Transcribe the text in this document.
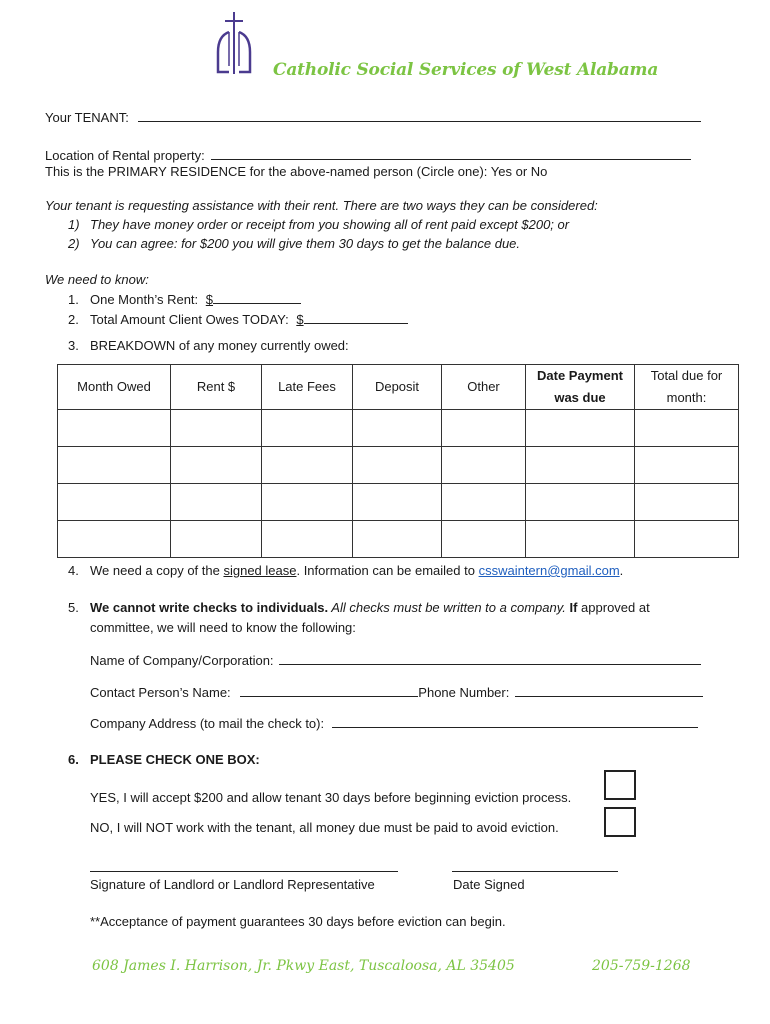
Catholic Social Services of West Alabama
Your TENANT:
Location of Rental property:
This is the PRIMARY RESIDENCE for the above-named person (Circle one): Yes or No
Your tenant is requesting assistance with their rent. There are two ways they can be considered:
1) They have money order or receipt from you showing all of rent paid except $200; or
2) You can agree: for $200 you will give them 30 days to get the balance due.
We need to know:
1. One Month’s Rent: $
2. Total Amount Client Owes TODAY: $
3. BREAKDOWN of any money currently owed:
Month Owed	Rent $	Late Fees	Deposit	Other	Date Payment was due	Total due for month:

4. We need a copy of the signed lease. Information can be emailed to csswaintern@gmail.com.
5. We cannot write checks to individuals. All checks must be written to a company. If approved at
committee, we will need to know the following:
Name of Company/Corporation:
Contact Person’s Name:	Phone Number:
Company Address (to mail the check to):
6. PLEASE CHECK ONE BOX:
YES, I will accept $200 and allow tenant 30 days before beginning eviction process.
NO, I will NOT work with the tenant, all money due must be paid to avoid eviction.
Signature of Landlord or Landlord Representative	Date Signed
**Acceptance of payment guarantees 30 days before eviction can begin.
608 James I. Harrison, Jr. Pkwy East, Tuscaloosa, AL 35405	205-759-1268
